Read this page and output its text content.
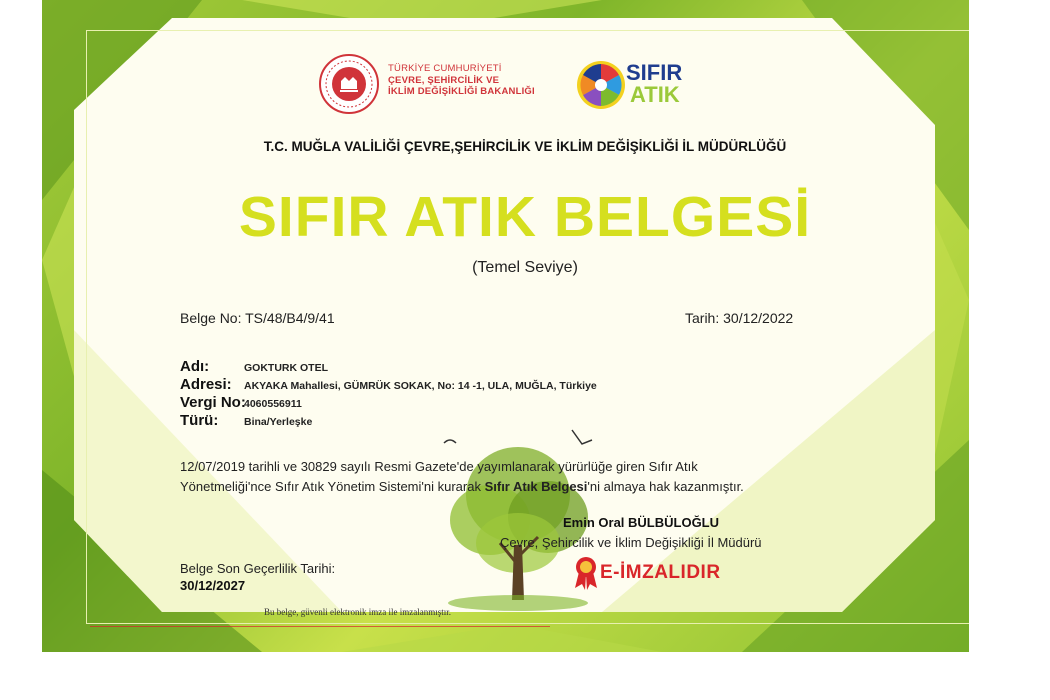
TÜRKİYE CUMHURİYETİ
ÇEVRE, ŞEHİRCİLİK VE
İKLİM DEĞİŞİKLİĞİ BAKANLIĞI
SIFIR
ATIK
T.C. MUĞLA VALİLİĞİ ÇEVRE,ŞEHİRCİLİK VE İKLİM DEĞİŞİKLİĞİ İL MÜDÜRLÜĞÜ
SIFIR ATIK BELGESİ
(Temel Seviye)
Belge No: TS/48/B4/9/41	Tarih: 30/12/2022
Adı:	GOKTURK OTEL
Adresi: AKYAKA Mahallesi, GÜMRÜK SOKAK, No: 14 -1, ULA, MUĞLA, Türkiye
Vergi No:
4060556911
Türü: Bina/Yerleşke
12/07/2019 tarihli ve 30829 sayılı Resmi Gazete'de yayımlanarak yürürlüğe giren Sıfır Atık
Yönetmeliği'nce Sıfır Atık Yönetim Sistemi'ni kurarak Sıfır Atık Belgesi'ni almaya hak kazanmıştır.
Emin Oral BÜLBÜLOĞLU
Çevre, Şehircilik ve İklim Değişikliği İl Müdürü
E-İMZALIDIR
Belge Son Geçerlilik Tarihi:
30/12/2027
Bu belge, güvenli elektronik imza ile imzalanmıştır.
